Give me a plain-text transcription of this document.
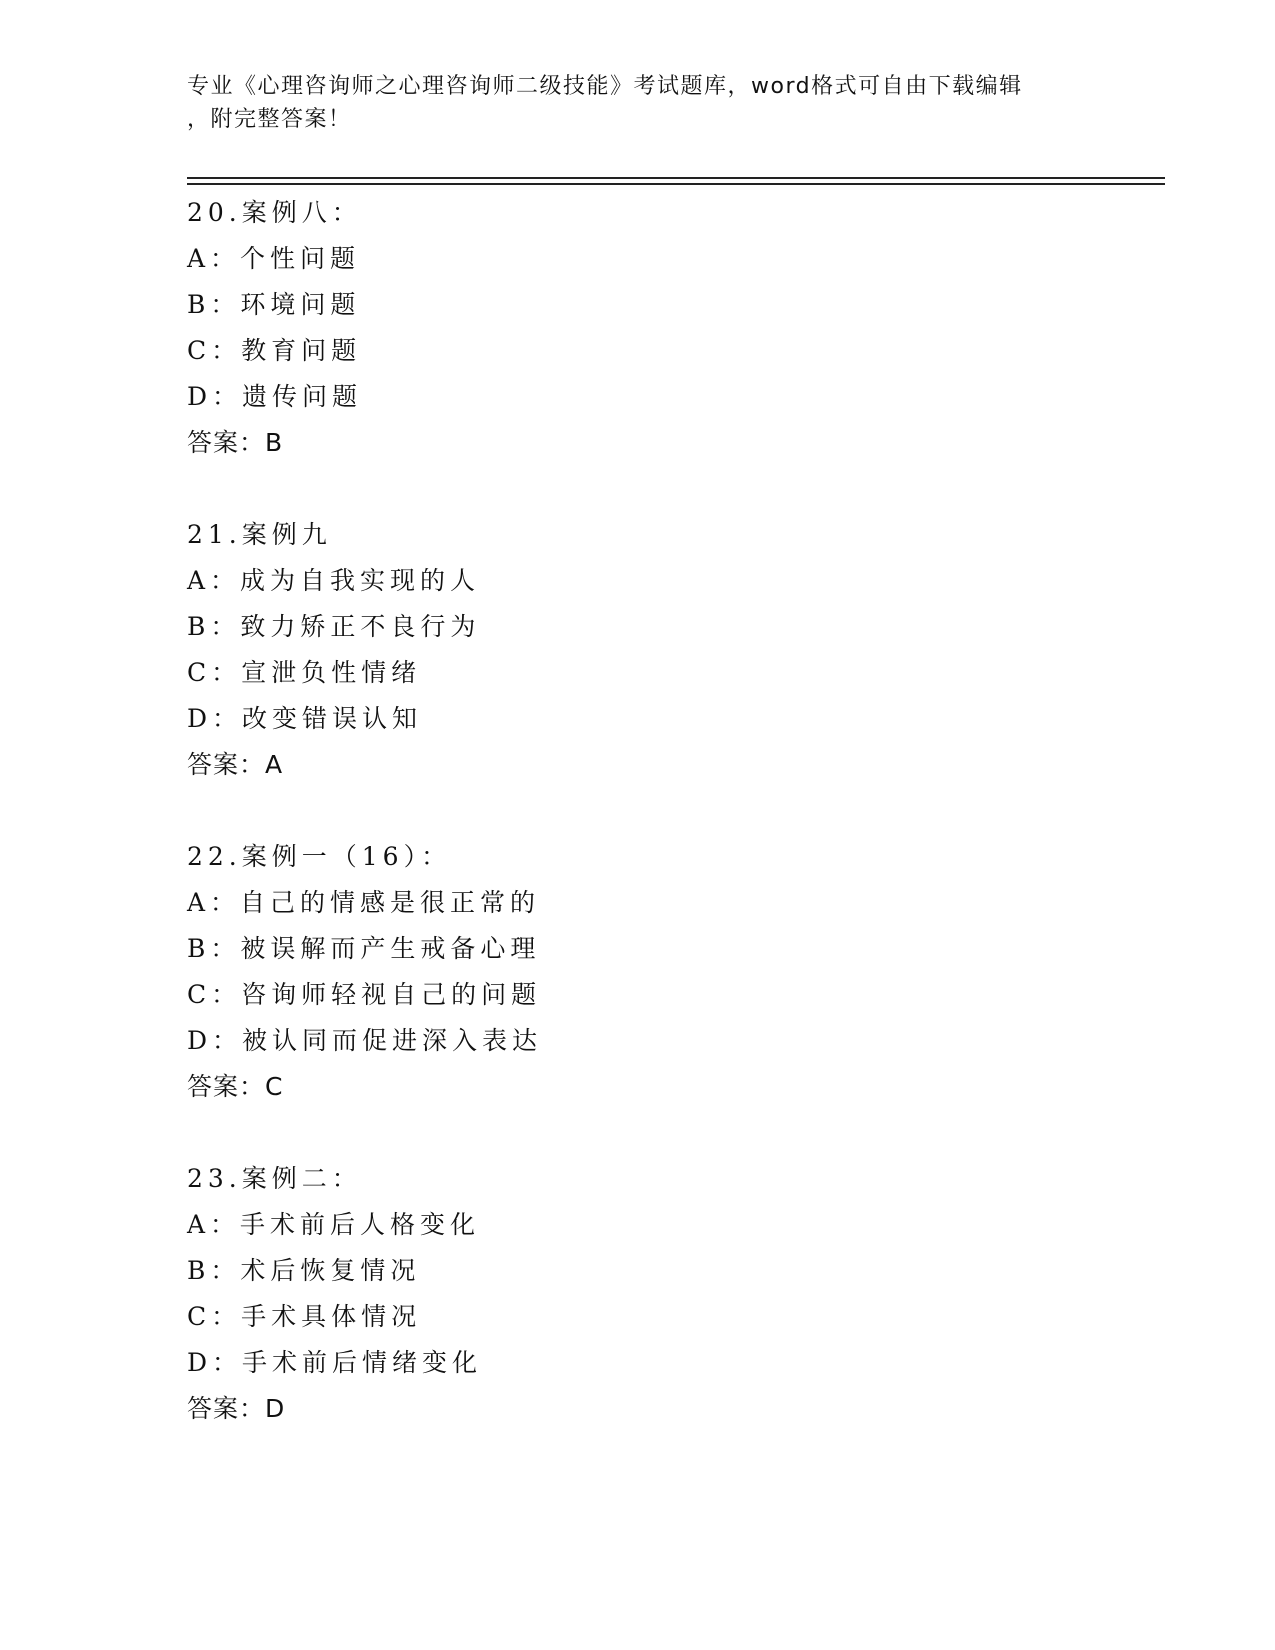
专业《心理咨询师之心理咨询师二级技能》考试题库，word格式可自由下载编辑
，附完整答案！
20.案例八：
A：个性问题
B：环境问题
C：教育问题
D：遗传问题
答案：B
21.案例九
A：成为自我实现的人
B：致力矫正不良行为
C：宣泄负性情绪
D：改变错误认知
答案：A
22.案例一（16）：
A：自己的情感是很正常的
B：被误解而产生戒备心理
C：咨询师轻视自己的问题
D：被认同而促进深入表达
答案：C
23.案例二：
A：手术前后人格变化
B：术后恢复情况
C：手术具体情况
D：手术前后情绪变化
答案：D
